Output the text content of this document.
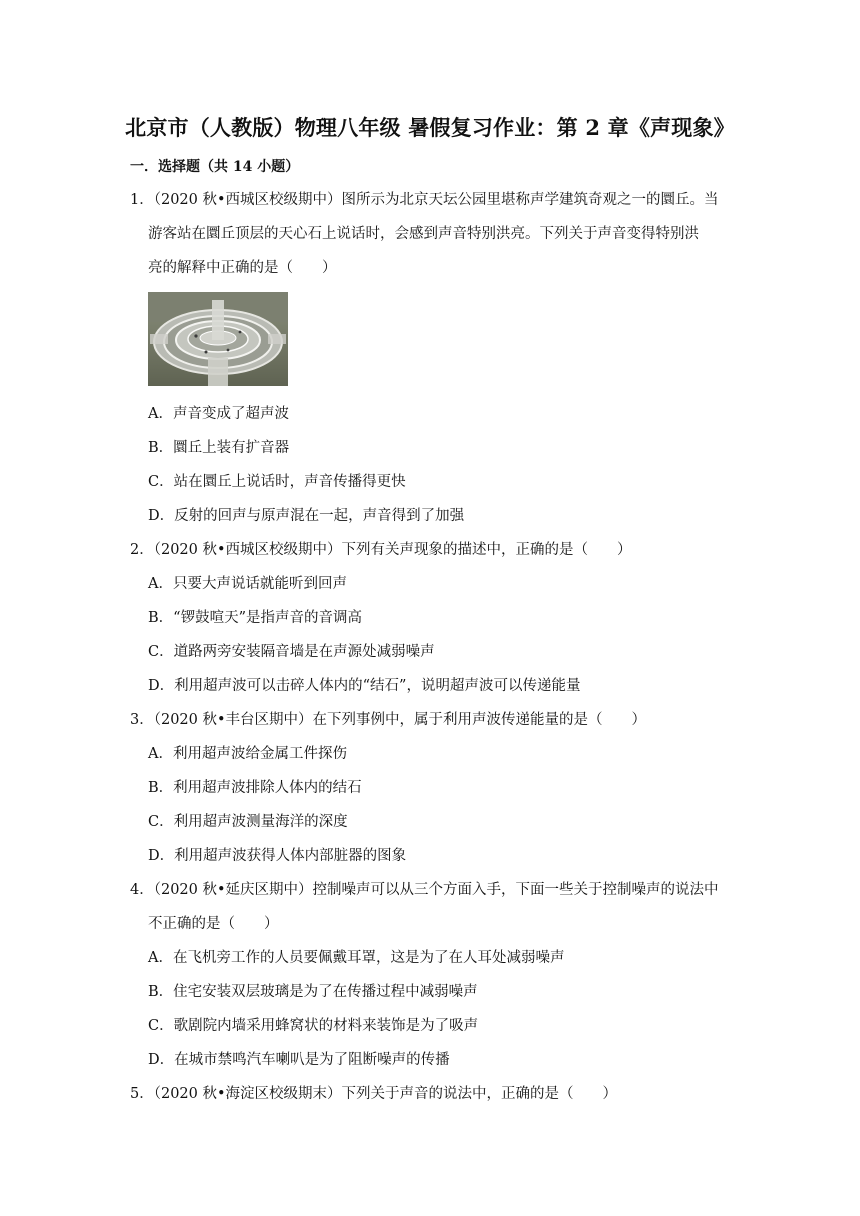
北京市（人教版）物理八年级 暑假复习作业：第 2 章《声现象》
一．选择题（共 14 小题）
1．（2020 秋•西城区校级期中）图所示为北京天坛公园里堪称声学建筑奇观之一的圜丘。当
游客站在圜丘顶层的天心石上说话时，会感到声音特别洪亮。下列关于声音变得特别洪
亮的解释中正确的是（　　）
A．声音变成了超声波
B．圜丘上装有扩音器
C．站在圜丘上说话时，声音传播得更快
D．反射的回声与原声混在一起，声音得到了加强
2．（2020 秋•西城区校级期中）下列有关声现象的描述中，正确的是（　　）
A．只要大声说话就能听到回声
B．“锣鼓喧天”是指声音的音调高
C．道路两旁安装隔音墙是在声源处减弱噪声
D．利用超声波可以击碎人体内的“结石”，说明超声波可以传递能量
3．（2020 秋•丰台区期中）在下列事例中，属于利用声波传递能量的是（　　）
A．利用超声波给金属工件探伤
B．利用超声波排除人体内的结石
C．利用超声波测量海洋的深度
D．利用超声波获得人体内部脏器的图象
4．（2020 秋•延庆区期中）控制噪声可以从三个方面入手，下面一些关于控制噪声的说法中
不正确的是（　　）
A．在飞机旁工作的人员要佩戴耳罩，这是为了在人耳处减弱噪声
B．住宅安装双层玻璃是为了在传播过程中减弱噪声
C．歌剧院内墙采用蜂窝状的材料来装饰是为了吸声
D．在城市禁鸣汽车喇叭是为了阻断噪声的传播
5．（2020 秋•海淀区校级期末）下列关于声音的说法中，正确的是（　　）
